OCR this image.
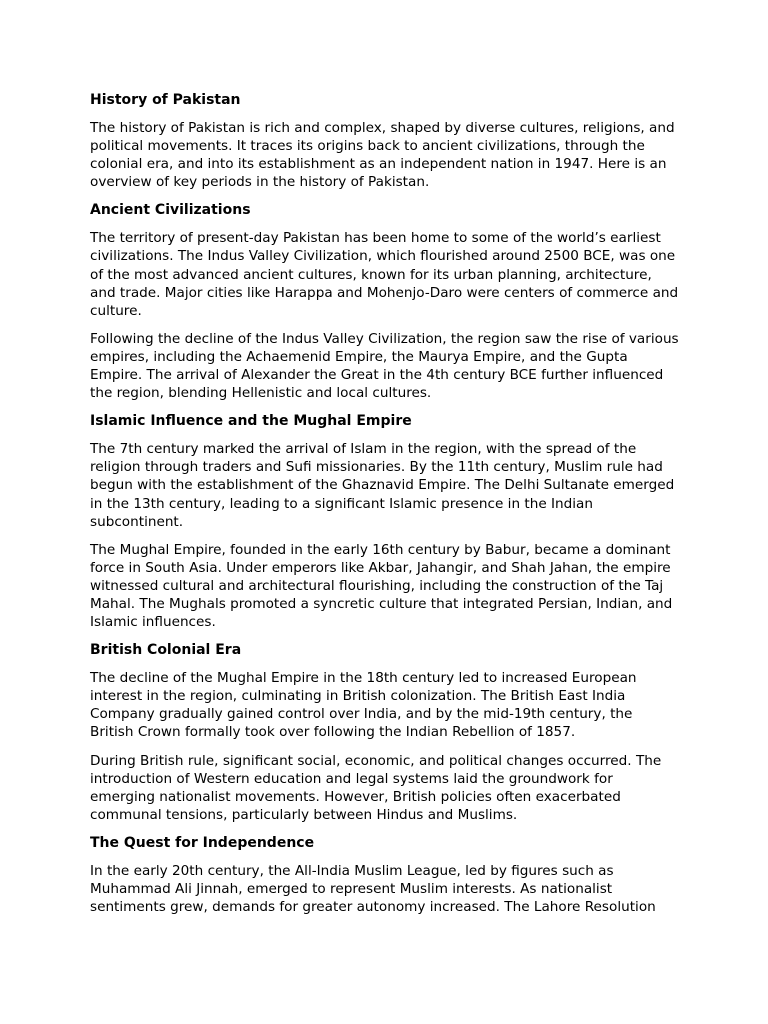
History of Pakistan
The history of Pakistan is rich and complex, shaped by diverse cultures, religions, and political movements. It traces its origins back to ancient civilizations, through the colonial era, and into its establishment as an independent nation in 1947. Here is an overview of key periods in the history of Pakistan.
Ancient Civilizations
The territory of present-day Pakistan has been home to some of the world’s earliest civilizations. The Indus Valley Civilization, which flourished around 2500 BCE, was one of the most advanced ancient cultures, known for its urban planning, architecture, and trade. Major cities like Harappa and Mohenjo-Daro were centers of commerce and culture.
Following the decline of the Indus Valley Civilization, the region saw the rise of various empires, including the Achaemenid Empire, the Maurya Empire, and the Gupta Empire. The arrival of Alexander the Great in the 4th century BCE further influenced the region, blending Hellenistic and local cultures.
Islamic Influence and the Mughal Empire
The 7th century marked the arrival of Islam in the region, with the spread of the religion through traders and Sufi missionaries. By the 11th century, Muslim rule had begun with the establishment of the Ghaznavid Empire. The Delhi Sultanate emerged in the 13th century, leading to a significant Islamic presence in the Indian subcontinent.
The Mughal Empire, founded in the early 16th century by Babur, became a dominant force in South Asia. Under emperors like Akbar, Jahangir, and Shah Jahan, the empire witnessed cultural and architectural flourishing, including the construction of the Taj Mahal. The Mughals promoted a syncretic culture that integrated Persian, Indian, and Islamic influences.
British Colonial Era
The decline of the Mughal Empire in the 18th century led to increased European interest in the region, culminating in British colonization. The British East India Company gradually gained control over India, and by the mid-19th century, the British Crown formally took over following the Indian Rebellion of 1857.
During British rule, significant social, economic, and political changes occurred. The introduction of Western education and legal systems laid the groundwork for emerging nationalist movements. However, British policies often exacerbated communal tensions, particularly between Hindus and Muslims.
The Quest for Independence
In the early 20th century, the All-India Muslim League, led by figures such as Muhammad Ali Jinnah, emerged to represent Muslim interests. As nationalist sentiments grew, demands for greater autonomy increased. The Lahore Resolution
